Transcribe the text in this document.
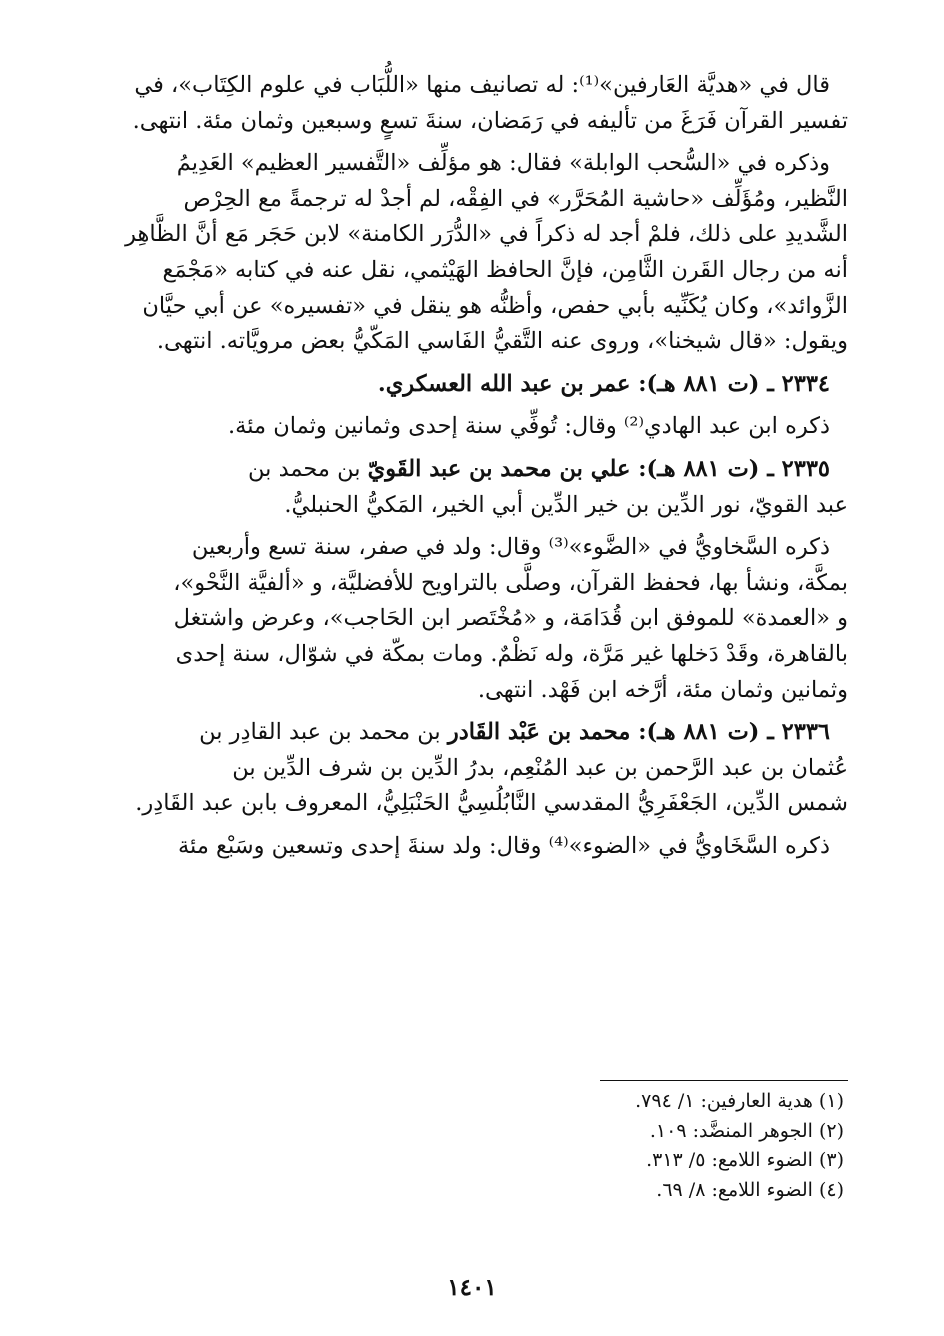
قال في «هديَّة العَارفين»⁽¹⁾: له تصانيف منها «اللُّبَاب في علوم الكِتَاب»، في
تفسير القرآن فَرَغَ من تأليفه في رَمَضان، سنةَ تسعٍ وسبعين وثمان مئة. انتهى.

وذكره في «السُّحب الوابلة» فقال: هو مؤلِّف «التَّفسير العظيم» العَدِيمُ
النَّظير، ومُؤَلِّف «حاشية المُحَرَّر» في الفِقْه، لم أجدْ له ترجمةً مع الحِرْص
الشَّديدِ على ذلك، فلمْ أجد له ذكراً في «الدُّرَر الكامنة» لابن حَجَر مَع أنَّ الظَّاهِر
أنه من رجال القَرن الثَّامِن، فإنَّ الحافظ الهَيْثمي، نقل عنه في كتابه «مَجْمَع
الزَّوائد»، وكان يُكَنِّيه بأبي حفص، وأظنُّه هو ينقل في «تفسيره» عن أبي حيَّان
ويقول: «قال شيخنا»، وروى عنه التَّقيُّ الفَاسي المَكّيُّ بعض مرويَّاته. انتهى.

٢٣٣٤ ـ (ت ٨٨١ هـ): عمر بن عبد الله العسكري.

ذكره ابن عبد الهادي⁽²⁾ وقال: تُوفِّي سنة إحدى وثمانين وثمان مئة.

٢٣٣٥ ـ (ت ٨٨١ هـ): علي بن محمد بن عبد القَويّ بن محمد بن
عبد القويّ، نور الدِّين بن خير الدِّين أبي الخير، المَكيُّ الحنبليُّ.

ذكره السَّخاويُّ في «الضَّوء»⁽³⁾ وقال: ولد في صفر، سنة تسع وأربعين
بمكَّة، ونشأ بها، فحفظ القرآن، وصلَّى بالتراويح للأفضليَّة، و «ألفيَّة النَّحْو»،
و «العمدة» للموفق ابن قُدَامَة، و «مُخْتَصر ابن الحَاجب»، وعرض واشتغل
بالقاهرة، وقَدْ دَخلها غير مَرَّة، وله نَظْمٌ. ومات بمكّة في شوّال، سنة إحدى
وثمانين وثمان مئة، أرَّخه ابن فَهْد. انتهى.

٢٣٣٦ ـ (ت ٨٨١ هـ): محمد بن عَبْد القَادر بن محمد بن عبد القادِر بن
عُثمان بن عبد الرَّحمن بن عبد المُنْعِم، بدرُ الدِّين بن شرف الدِّين بن
شمس الدِّين، الجَعْفَرِيُّ المقدسي النَّابُلُسِيُّ الحَنْبَلِيُّ، المعروف بابن عبد القَادِر.

ذكره السَّخَاويُّ في «الضوء»⁽⁴⁾ وقال: ولد سنةَ إحدى وتسعين وسَبْع مئة

(١) هدية العارفين: ١/ ٧٩٤.
(٢) الجوهر المنضَّد: ١٠٩.
(٣) الضوء اللامع: ٥/ ٣١٣.
(٤) الضوء اللامع: ٨/ ٦٩.
١٤٠١
